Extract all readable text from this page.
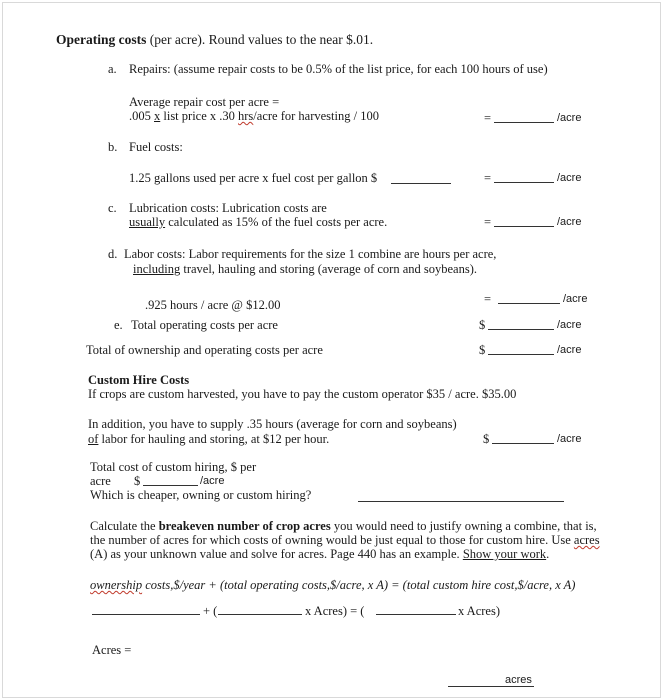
Operating costs (per acre). Round values to the near $.01.
a. Repairs: (assume repair costs to be 0.5% of the list price, for each 100 hours of use)
Average repair cost per acre =
.005 x list price x .30 hrs/acre for harvesting / 100	=	/acre
b. Fuel costs:
1.25 gallons used per acre x fuel cost per gallon $	=	/acre
c. Lubrication costs: Lubrication costs are
usually calculated as 15% of the fuel costs per acre.	=	/acre
d. Labor costs: Labor requirements for the size 1 combine are hours per acre,
including travel, hauling and storing (average of corn and soybeans).
=	/acre
.925 hours / acre @ $12.00
e. Total operating costs per acre	$	/acre
Total of ownership and operating costs per acre	$	/acre
Custom Hire Costs
If crops are custom harvested, you have to pay the custom operator $35 / acre. $35.00
In addition, you have to supply .35 hours (average for corn and soybeans)
of labor for hauling and storing, at $12 per hour.	$	/acre
Total cost of custom hiring, $ per
acre $	/acre
Which is cheaper, owning or custom hiring?
Calculate the breakeven number of crop acres you would need to justify owning a combine, that is,
the number of acres for which costs of owning would be just equal to those for custom hire. Use acres
(A) as your unknown value and solve for acres. Page 440 has an example. Show your work.
ownership costs,$/year + (total operating costs,$/acre, x A) = (total custom hire cost,$/acre, x A)
+ (	x Acres) = (	x Acres)
Acres =
acres
